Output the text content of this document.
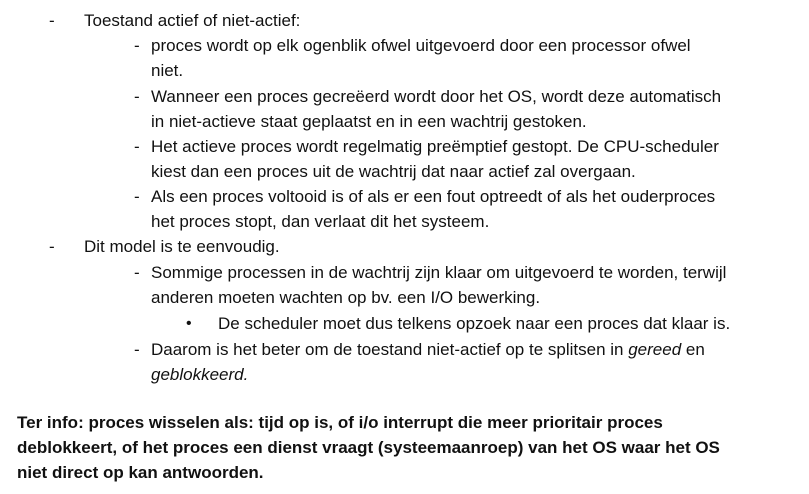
- Toestand actief of niet-actief:
- proces wordt op elk ogenblik ofwel uitgevoerd door een processor ofwel
niet.
- Wanneer een proces gecreëerd wordt door het OS, wordt deze automatisch
in niet-actieve staat geplaatst en in een wachtrij gestoken.
- Het actieve proces wordt regelmatig preëmptief gestopt. De CPU-scheduler
kiest dan een proces uit de wachtrij dat naar actief zal overgaan.
- Als een proces voltooid is of als er een fout optreedt of als het ouderproces
het proces stopt, dan verlaat dit het systeem.
- Dit model is te eenvoudig.
- Sommige processen in de wachtrij zijn klaar om uitgevoerd te worden, terwijl
anderen moeten wachten op bv. een I/O bewerking.
• De scheduler moet dus telkens opzoek naar een proces dat klaar is.
- Daarom is het beter om de toestand niet-actief op te splitsen in gereed en
geblokkeerd.
Ter info: proces wisselen als: tijd op is, of i/o interrupt die meer prioritair proces
deblokkeert, of het proces een dienst vraagt (systeemaanroep) van het OS waar het OS
niet direct op kan antwoorden.
